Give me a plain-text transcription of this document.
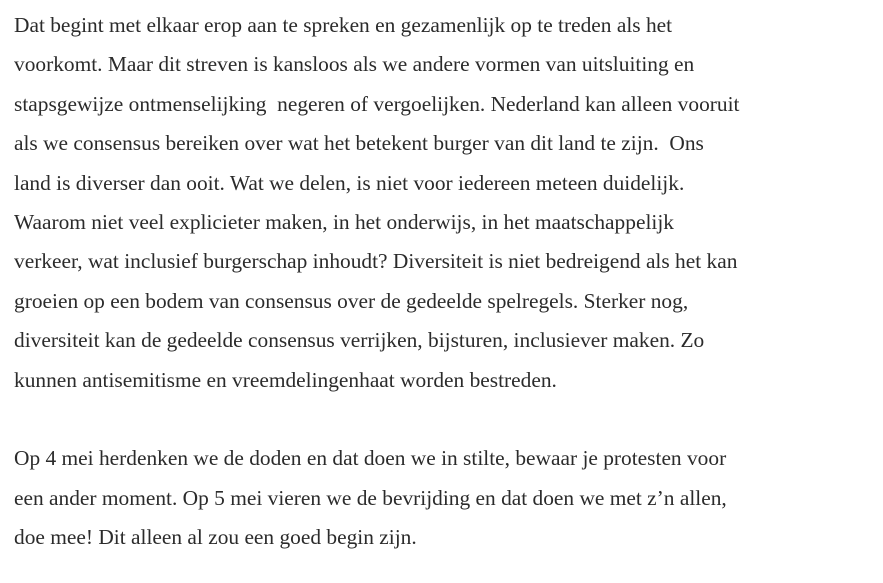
Dat begint met elkaar erop aan te spreken en gezamenlijk op te treden als het
voorkomt. Maar dit streven is kansloos als we andere vormen van uitsluiting en
stapsgewijze ontmenselijking  negeren of vergoelijken. Nederland kan alleen vooruit
als we consensus bereiken over wat het betekent burger van dit land te zijn.  Ons
land is diverser dan ooit. Wat we delen, is niet voor iedereen meteen duidelijk.
Waarom niet veel explicieter maken, in het onderwijs, in het maatschappelijk
verkeer, wat inclusief burgerschap inhoudt? Diversiteit is niet bedreigend als het kan
groeien op een bodem van consensus over de gedeelde spelregels. Sterker nog,
diversiteit kan de gedeelde consensus verrijken, bijsturen, inclusiever maken. Zo
kunnen antisemitisme en vreemdelingenhaat worden bestreden.

Op 4 mei herdenken we de doden en dat doen we in stilte, bewaar je protesten voor
een ander moment. Op 5 mei vieren we de bevrijding en dat doen we met z’n allen,
doe mee! Dit alleen al zou een goed begin zijn.
